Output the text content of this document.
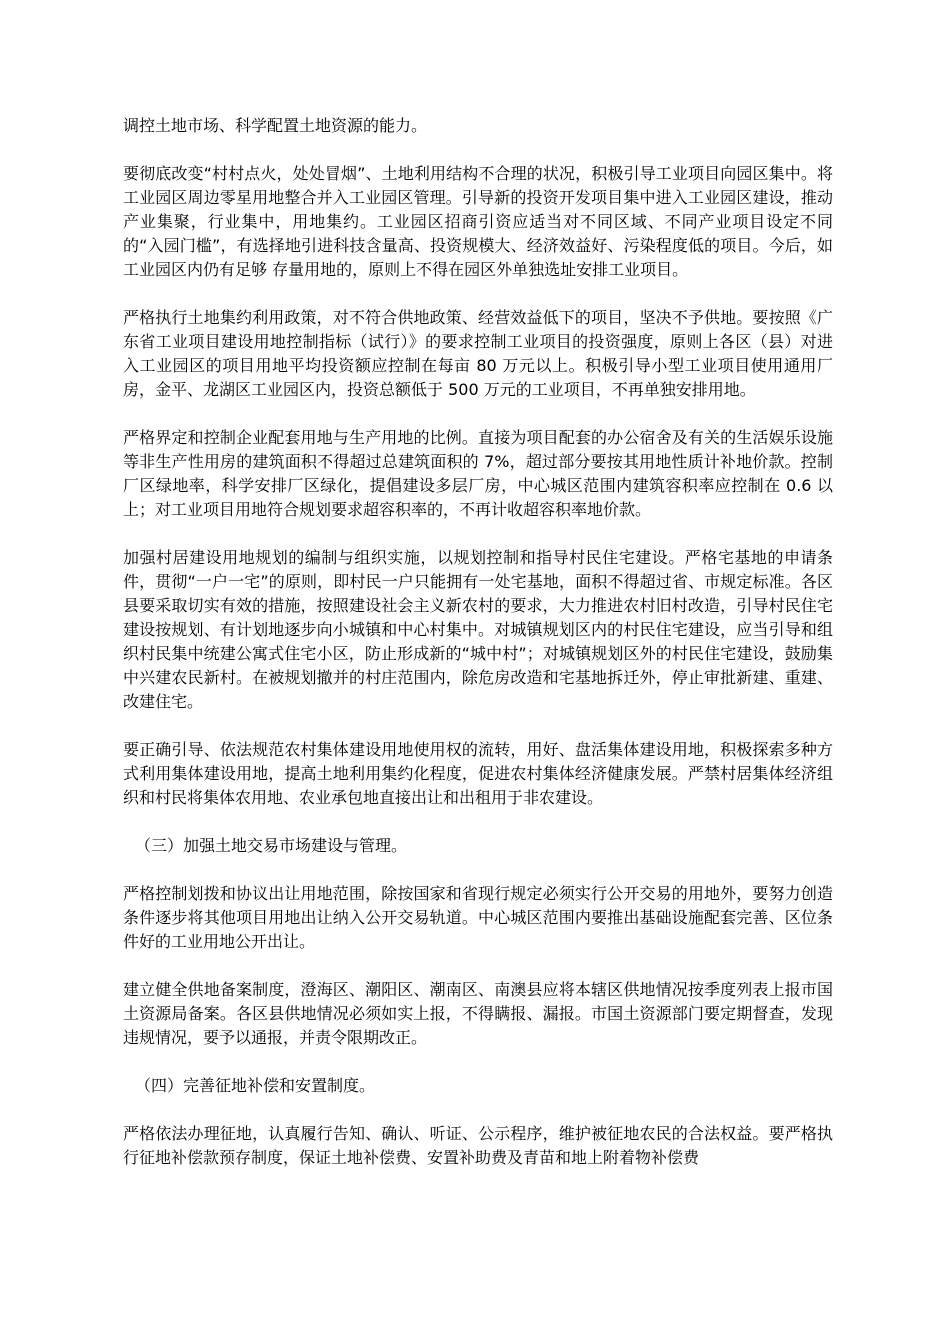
调控土地市场、科学配置土地资源的能力。

要彻底改变“村村点火，处处冒烟”、土地利用结构不合理的状况，积极引导工业项目向园区集中。将工业园区周边零星用地整合并入工业园区管理。引导新的投资开发项目集中进入工业园区建设，推动产业集聚，行业集中，用地集约。工业园区招商引资应适当对不同区域、不同产业项目设定不同的“入园门槛”，有选择地引进科技含量高、投资规模大、经济效益好、污染程度低的项目。今后，如工业园区内仍有足够 存量用地的，原则上不得在园区外单独选址安排工业项目。

严格执行土地集约利用政策，对不符合供地政策、经营效益低下的项目，坚决不予供地。要按照《广东省工业项目建设用地控制指标（试行）》的要求控制工业项目的投资强度，原则上各区（县）对进入工业园区的项目用地平均投资额应控制在每亩 80 万元以上。积极引导小型工业项目使用通用厂房，金平、龙湖区工业园区内，投资总额低于 500 万元的工业项目，不再单独安排用地。

严格界定和控制企业配套用地与生产用地的比例。直接为项目配套的办公宿舍及有关的生活娱乐设施等非生产性用房的建筑面积不得超过总建筑面积的 7%，超过部分要按其用地性质计补地价款。控制厂区绿地率，科学安排厂区绿化，提倡建设多层厂房，中心城区范围内建筑容积率应控制在 0.6 以上；对工业项目用地符合规划要求超容积率的，不再计收超容积率地价款。

加强村居建设用地规划的编制与组织实施，以规划控制和指导村民住宅建设。严格宅基地的申请条件，贯彻“一户一宅”的原则，即村民一户只能拥有一处宅基地，面积不得超过省、市规定标准。各区县要采取切实有效的措施，按照建设社会主义新农村的要求，大力推进农村旧村改造，引导村民住宅建设按规划、有计划地逐步向小城镇和中心村集中。对城镇规划区内的村民住宅建设，应当引导和组织村民集中统建公寓式住宅小区，防止形成新的“城中村”；对城镇规划区外的村民住宅建设，鼓励集中兴建农民新村。在被规划撤并的村庄范围内，除危房改造和宅基地拆迁外，停止审批新建、重建、改建住宅。

要正确引导、依法规范农村集体建设用地使用权的流转，用好、盘活集体建设用地，积极探索多种方式利用集体建设用地，提高土地利用集约化程度，促进农村集体经济健康发展。严禁村居集体经济组织和村民将集体农用地、农业承包地直接出让和出租用于非农建设。

（三）加强土地交易市场建设与管理。

严格控制划拨和协议出让用地范围，除按国家和省现行规定必须实行公开交易的用地外，要努力创造条件逐步将其他项目用地出让纳入公开交易轨道。中心城区范围内要推出基础设施配套完善、区位条件好的工业用地公开出让。

建立健全供地备案制度，澄海区、潮阳区、潮南区、南澳县应将本辖区供地情况按季度列表上报市国土资源局备案。各区县供地情况必须如实上报，不得瞒报、漏报。市国土资源部门要定期督查，发现违规情况，要予以通报，并责令限期改正。

（四）完善征地补偿和安置制度。

严格依法办理征地，认真履行告知、确认、听证、公示程序，维护被征地农民的合法权益。要严格执行征地补偿款预存制度，保证土地补偿费、安置补助费及青苗和地上附着物补偿费
